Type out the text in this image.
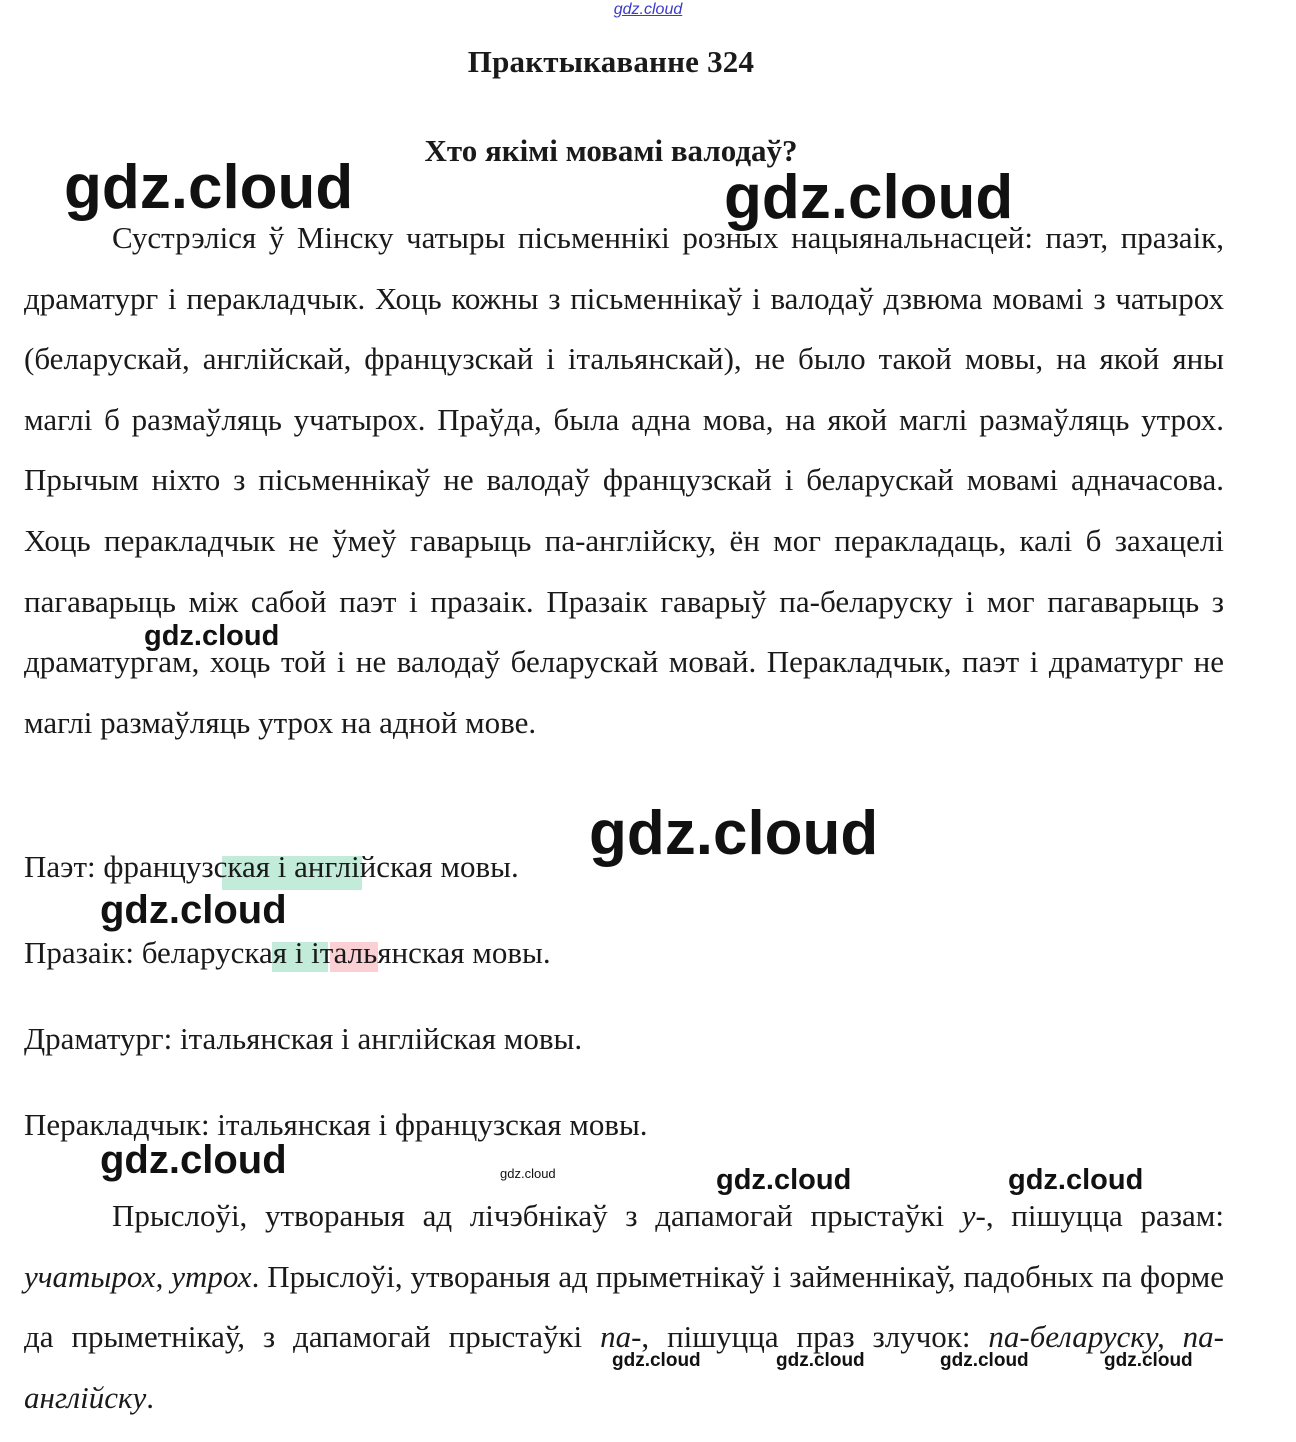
gdz.cloud
Практыкаванне 324
Хто якімі мовамі валодаў?

Сустрэліся ў Мінску чатыры пісьменнікі розных нацыянальнасцей: паэт, празаік, драматург і перакладчык. Хоць кожны з пісьменнікаў і валодаў дзвюма мовамі з чатырох (беларускай, англійскай, французскай і італьянскай), не было такой мовы, на якой яны маглі б размаўляць учатырох. Праўда, была адна мова, на якой маглі размаўляць утрох. Прычым ніхто з пісьменнікаў не валодаў французскай і беларускай мовамі адначасова. Хоць перакладчык не ўмеў гаварыць па-англійску, ён мог перакладаць, калі б захацелі пагаварыць між сабой паэт і празаік. Празаік гаварыў па-беларуску і мог пагаварыць з драматургам, хоць той і не валодаў беларускай мовай. Перакладчык, паэт і драматург не маглі размаўляць утрох на адной мове.

Паэт: французская і англійская мовы.

Празаік: беларуская і італьянская мовы.

Драматург: італьянская і англійская мовы.

Перакладчык: італьянская і французская мовы.

Прыслоўі, утвораныя ад лічэбнікаў з дапамогай прыстаўкі у-, пішуцца разам: учатырох, утрох. Прыслоўі, утвораныя ад прыметнікаў і займеннікаў, падобных па форме да прыметнікаў, з дапамогай прыстаўкі па-, пішуцца праз злучок: па-беларуску, па-англійску.

gdz.cloud	gdz.cloud
gdz.cloud
gdz.cloud
gdz.cloud
gdz.cloud	gdz.cloud	gdz.cloud	gdz.cloud
gdz.cloud	gdz.cloud	gdz.cloud	gdz.cloud
